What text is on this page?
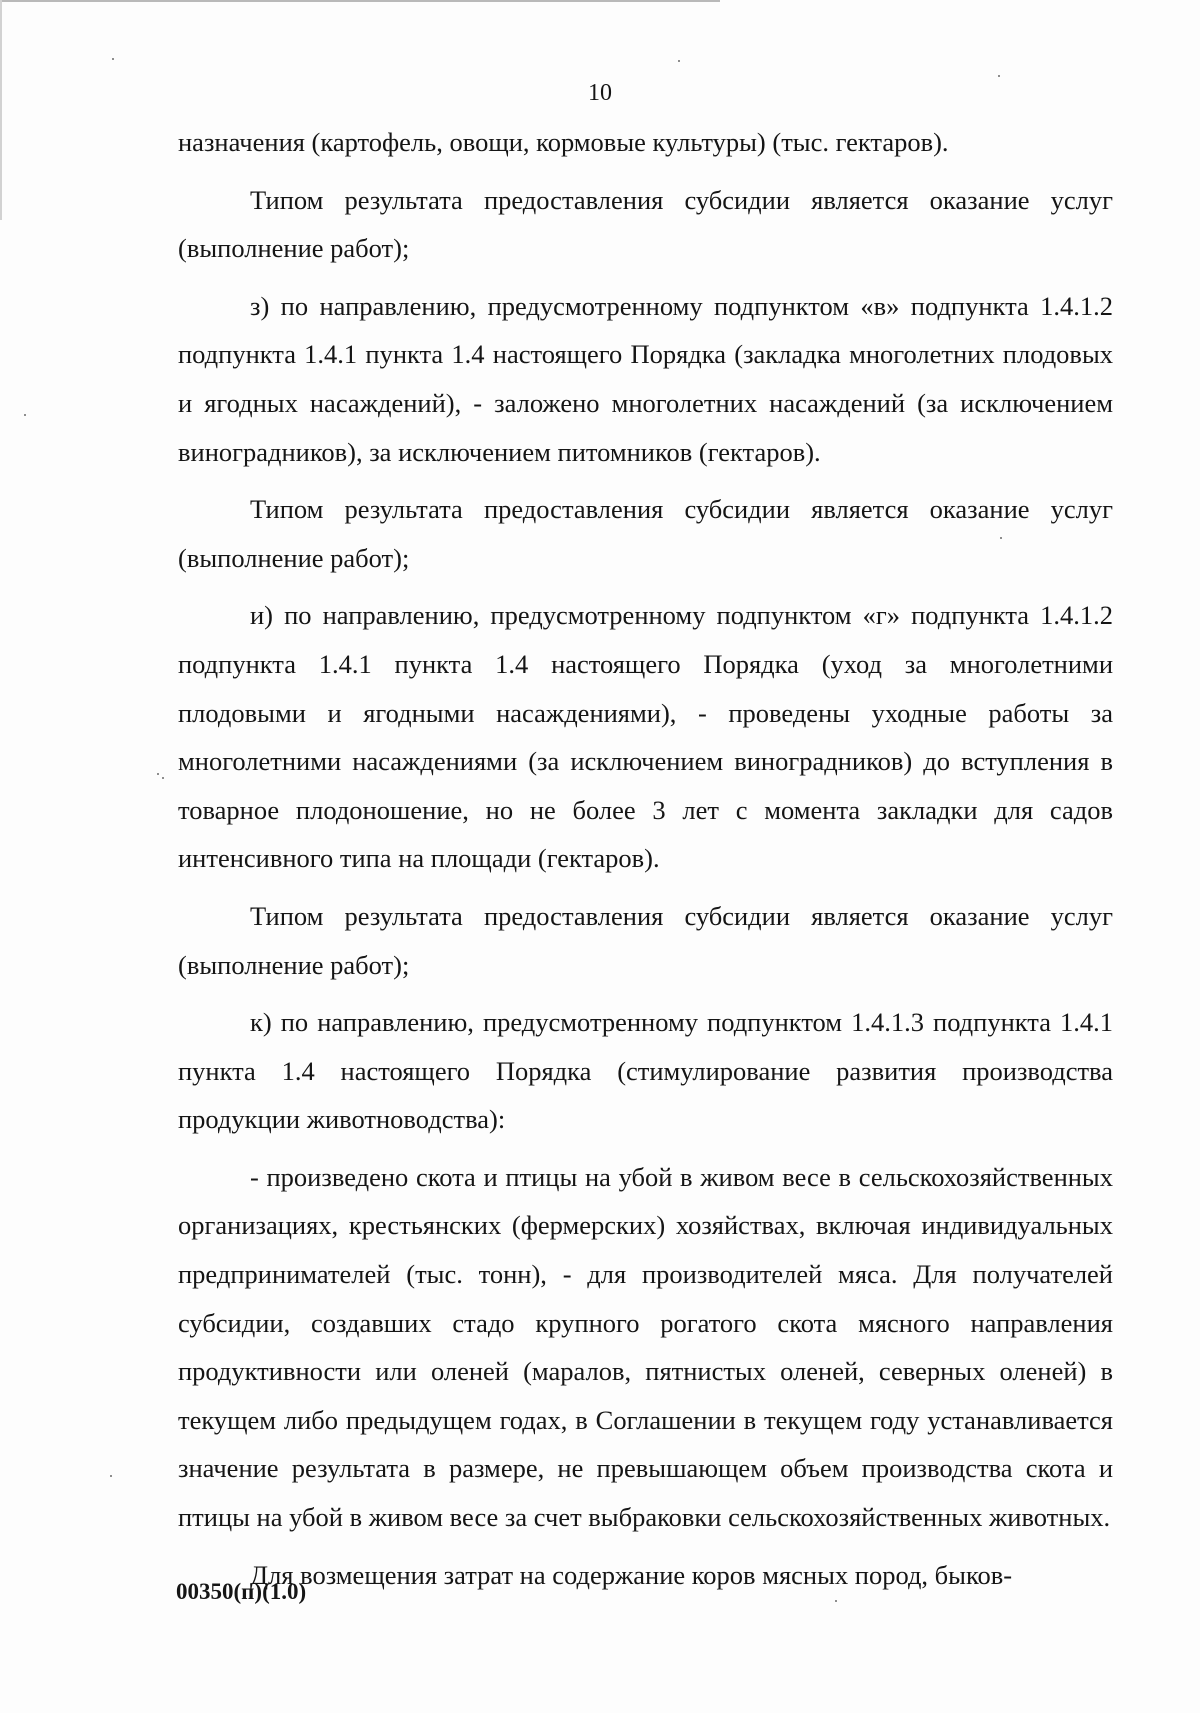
10

назначения (картофель, овощи, кормовые культуры) (тыс. гектаров).

Типом результата предоставления субсидии является оказание услуг (выполнение работ);

з) по направлению, предусмотренному подпунктом «в» подпункта 1.4.1.2 подпункта 1.4.1 пункта 1.4 настоящего Порядка (закладка многолетних плодовых и ягодных насаждений), - заложено многолетних насаждений (за исключением виноградников), за исключением питомников (гектаров).

Типом результата предоставления субсидии является оказание услуг (выполнение работ);

и) по направлению, предусмотренному подпунктом «г» подпункта 1.4.1.2 подпункта 1.4.1 пункта 1.4 настоящего Порядка (уход за многолетними плодовыми и ягодными насаждениями), - проведены уходные работы за многолетними насаждениями (за исключением виноградников) до вступления в товарное плодоношение, но не более 3 лет с момента закладки для садов интенсивного типа на площади (гектаров).

Типом результата предоставления субсидии является оказание услуг (выполнение работ);

к) по направлению, предусмотренному подпунктом 1.4.1.3 подпункта 1.4.1 пункта 1.4 настоящего Порядка (стимулирование развития производства продукции животноводства):

- произведено скота и птицы на убой в живом весе в сельскохозяйственных организациях, крестьянских (фермерских) хозяйствах, включая индивидуальных предпринимателей (тыс. тонн), - для производителей мяса. Для получателей субсидии, создавших стадо крупного рогатого скота мясного направления продуктивности или оленей (маралов, пятнистых оленей, северных оленей) в текущем либо предыдущем годах, в Соглашении в текущем году устанавливается значение результата в размере, не превышающем объем производства скота и птицы на убой в живом весе за счет выбраковки сельскохозяйственных животных.

Для возмещения затрат на содержание коров мясных пород, быков-

00350(п)(1.0)
